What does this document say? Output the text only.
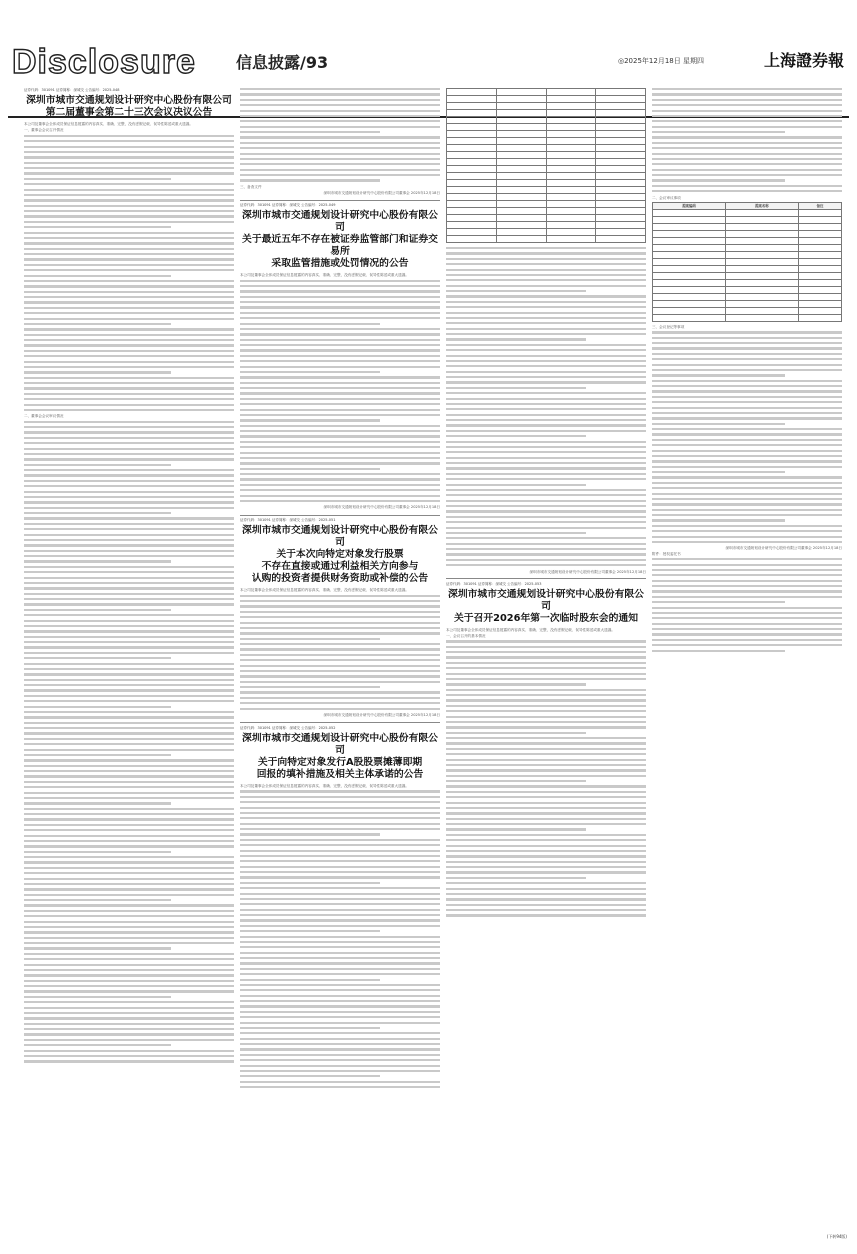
Disclosure	信息披露/93	◎2025年12月18日 星期四	上海證券報
证券代码：301091 证券简称：深城交 公告编号：2025-048
深圳市城市交通规划设计研究中心股份有限公司
第二届董事会第二十三次会议决议公告
本公司及董事会全体成员保证信息披露的内容真实、准确、完整，没有虚假记载、误导性陈述或重大遗漏。
一、董事会会议召开情况
二、董事会会议审议情况
三、备查文件
深圳市城市交通规划设计研究中心股份有限公司董事会 2025年12月18日
证券代码：301091 证券简称：深城交 公告编号：2025-049
深圳市城市交通规划设计研究中心股份有限公司
关于最近五年不存在被证券监管部门和证券交易所
采取监管措施或处罚情况的公告
本公司及董事会全体成员保证信息披露的内容真实、准确、完整，没有虚假记载、误导性陈述或重大遗漏。
深圳市城市交通规划设计研究中心股份有限公司董事会 2025年12月18日
证券代码：301091 证券简称：深城交 公告编号：2025-051
深圳市城市交通规划设计研究中心股份有限公司
关于本次向特定对象发行股票
不存在直接或通过利益相关方向参与
认购的投资者提供财务资助或补偿的公告
本公司及董事会全体成员保证信息披露的内容真实、准确、完整，没有虚假记载、误导性陈述或重大遗漏。
深圳市城市交通规划设计研究中心股份有限公司董事会 2025年12月18日
证券代码：301091 证券简称：深城交 公告编号：2025-052
深圳市城市交通规划设计研究中心股份有限公司
关于向特定对象发行A股股票摊薄即期
回报的填补措施及相关主体承诺的公告
本公司及董事会全体成员保证信息披露的内容真实、准确、完整，没有虚假记载、误导性陈述或重大遗漏。

深圳市城市交通规划设计研究中心股份有限公司董事会 2025年12月18日
证券代码：301091 证券简称：深城交 公告编号：2025-053
深圳市城市交通规划设计研究中心股份有限公司
关于召开2026年第一次临时股东会的通知
本公司及董事会全体成员保证信息披露的内容真实、准确、完整，没有虚假记载、误导性陈述或重大遗漏。
一、会议召开的基本情况
二、会议审议事项
提案编码	提案名称	备注

三、会议登记等事项
深圳市城市交通规划设计研究中心股份有限公司董事会 2025年12月18日
附件：授权委托书
(下转94版)
